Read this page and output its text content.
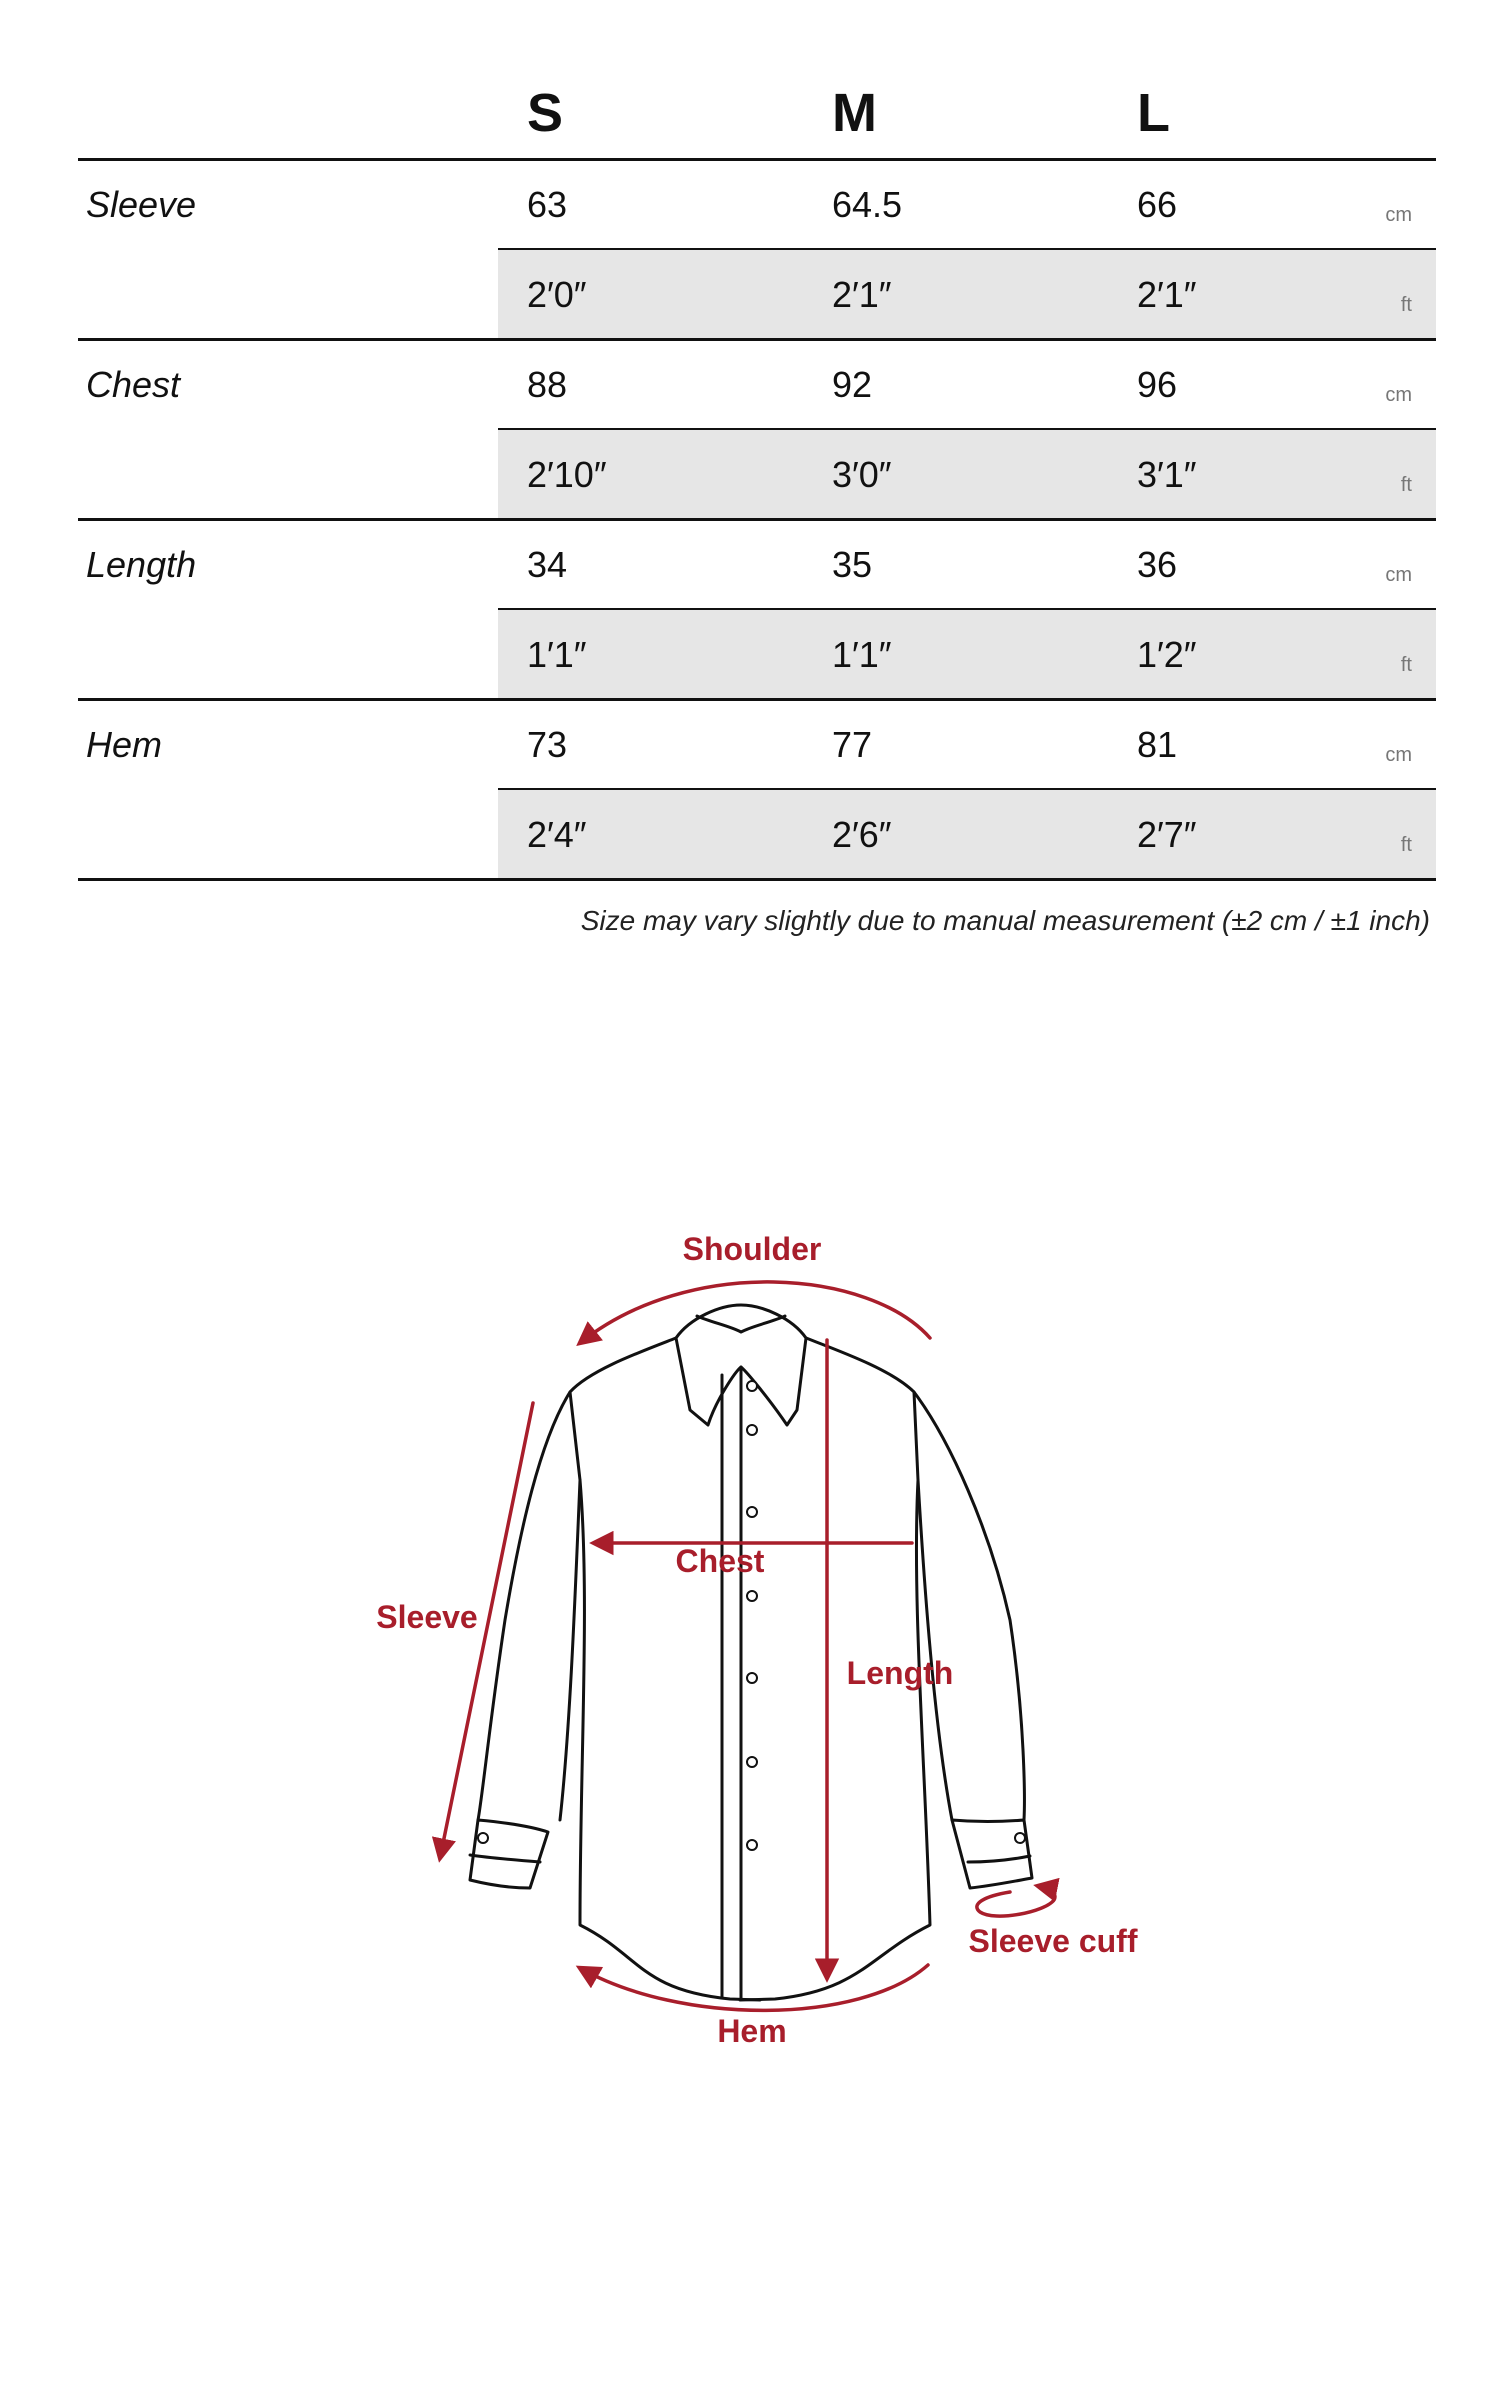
S	M	L
Sleeve	63	64.5	66	cm
2′0″	2′1″	2′1″	ft
Chest	88	92	96	cm
2′10″	3′0″	3′1″	ft
Length	34	35	36	cm
1′1″	1′1″	1′2″	ft
Hem	73	77	81	cm
2′4″	2′6″	2′7″	ft
Size may vary slightly due to manual measurement (±2 cm / ±1 inch)
Shoulder
Sleeve
Chest
Length
Hem
Sleeve cuff
